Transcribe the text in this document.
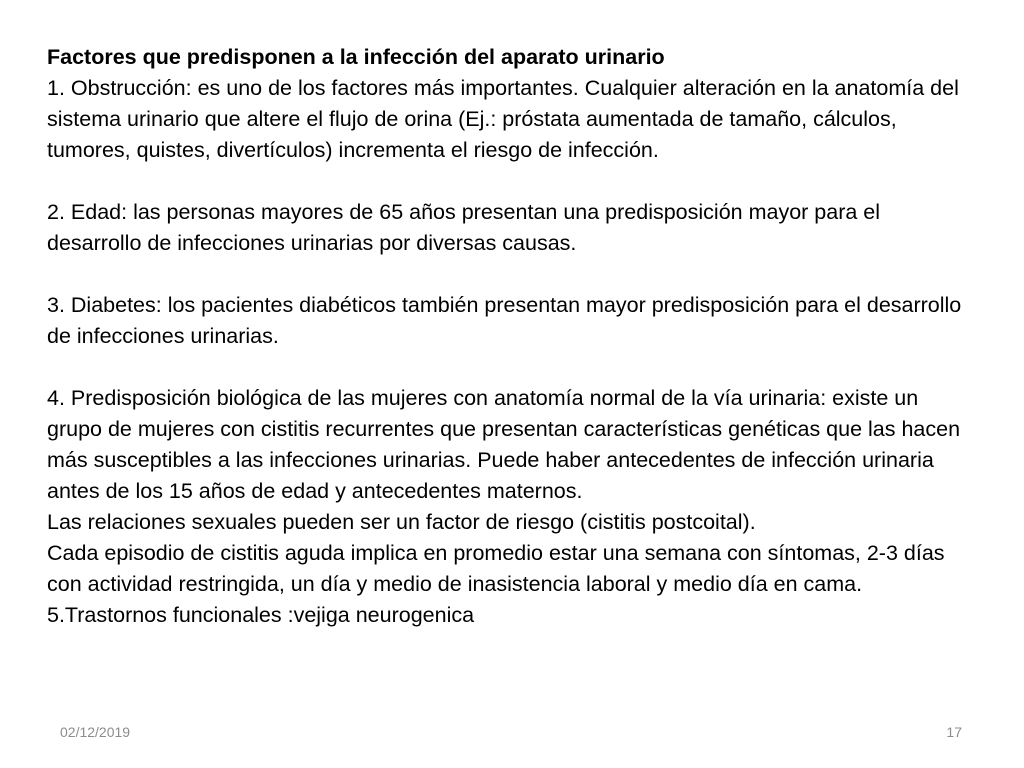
Factores que predisponen a la infección del aparato urinario

1. Obstrucción: es uno de los factores más importantes. Cualquier alteración en la anatomía del sistema urinario que altere el flujo de orina (Ej.: próstata aumentada de tamaño, cálculos, tumores, quistes, divertículos) incrementa el riesgo de infección.

2. Edad: las personas mayores de 65 años presentan una predisposición mayor para el desarrollo de infecciones urinarias por diversas causas.

3. Diabetes: los pacientes diabéticos también presentan mayor predisposición para el desarrollo de infecciones urinarias.

4. Predisposición biológica de las mujeres con anatomía normal de la vía urinaria: existe un grupo de mujeres con cistitis recurrentes que presentan características genéticas que las hacen más susceptibles a las infecciones urinarias. Puede haber antecedentes de infección urinaria antes de los 15 años de edad y antecedentes maternos.

Las relaciones sexuales pueden ser un factor de riesgo (cistitis postcoital).

Cada episodio de cistitis aguda implica en promedio estar una semana con síntomas, 2-3 días con actividad restringida, un día y medio de inasistencia laboral y medio día en cama.

5.Trastornos funcionales :vejiga neurogenica

02/12/2019	17
